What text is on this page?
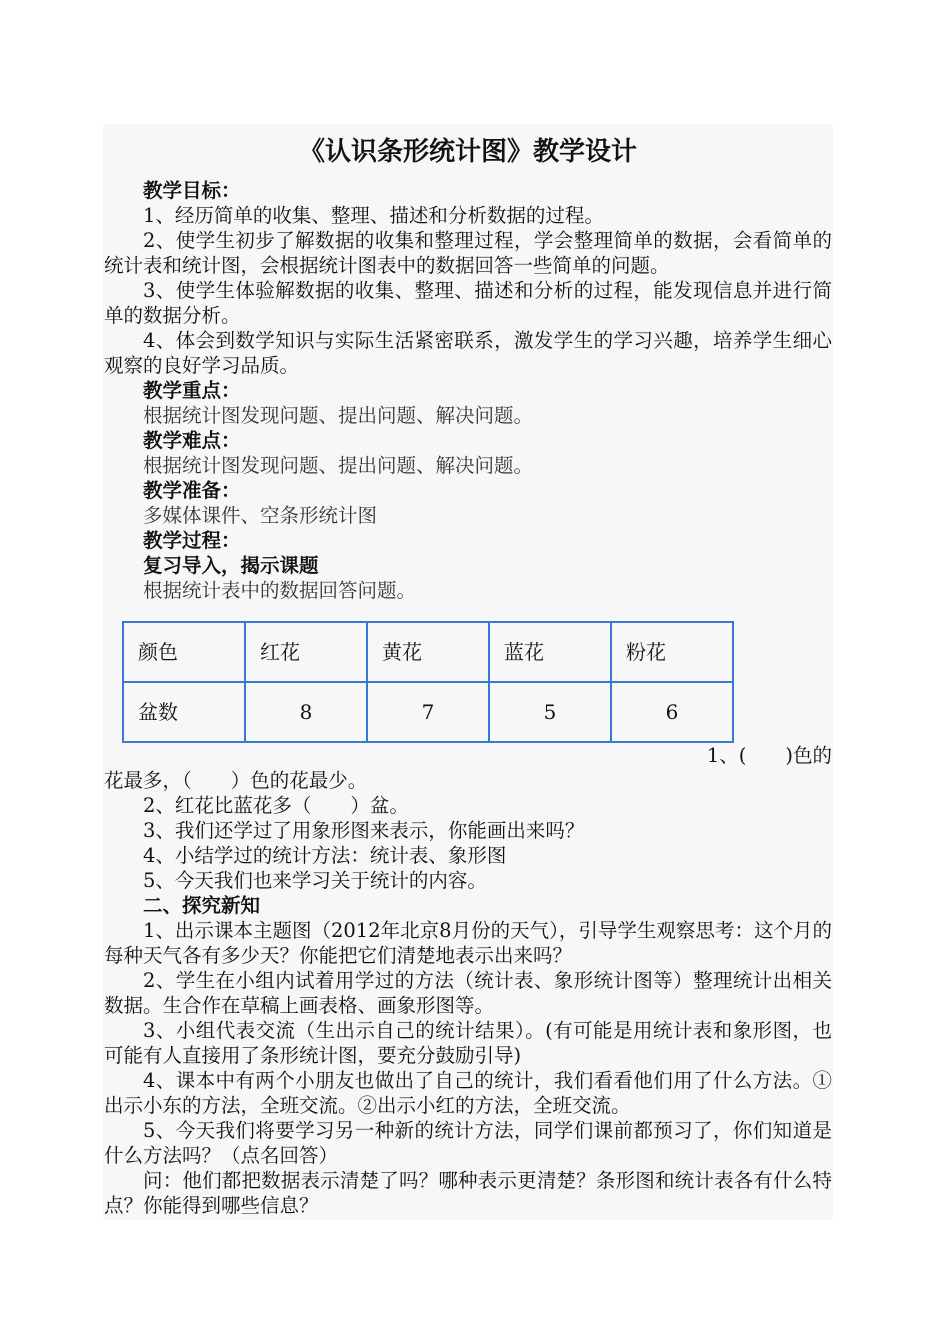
《认识条形统计图》教学设计

教学目标：

1、经历简单的收集、整理、描述和分析数据的过程。

2、使学生初步了解数据的收集和整理过程，学会整理简单的数据，会看简单的统计表和统计图，会根据统计图表中的数据回答一些简单的问题。

3、使学生体验解数据的收集、整理、描述和分析的过程，能发现信息并进行简单的数据分析。

4、体会到数学知识与实际生活紧密联系，激发学生的学习兴趣，培养学生细心观察的良好学习品质。

教学重点：

根据统计图发现问题、提出问题、解决问题。

教学难点：

根据统计图发现问题、提出问题、解决问题。

教学准备：

多媒体课件、空条形统计图

教学过程：

复习导入，揭示课题

根据统计表中的数据回答问题。

颜色	红花	黄花	蓝花	粉花
盆数	8	7	5	6
1、(　　)色的

花最多，（　　）色的花最少。

2、红花比蓝花多（　　）盆。

3、我们还学过了用象形图来表示，你能画出来吗？

4、小结学过的统计方法：统计表、象形图

5、今天我们也来学习关于统计的内容。

二、探究新知

1、出示课本主题图（2012年北京8月份的天气），引导学生观察思考：这个月的每种天气各有多少天？你能把它们清楚地表示出来吗？

2、学生在小组内试着用学过的方法（统计表、象形统计图等）整理统计出相关数据。生合作在草稿上画表格、画象形图等。

3、小组代表交流（生出示自己的统计结果）。(有可能是用统计表和象形图，也可能有人直接用了条形统计图，要充分鼓励引导)

4、课本中有两个小朋友也做出了自己的统计，我们看看他们用了什么方法。①出示小东的方法，全班交流。②出示小红的方法，全班交流。

5、今天我们将要学习另一种新的统计方法，同学们课前都预习了，你们知道是什么方法吗？（点名回答）

问：他们都把数据表示清楚了吗？哪种表示更清楚？条形图和统计表各有什么特点？你能得到哪些信息？
